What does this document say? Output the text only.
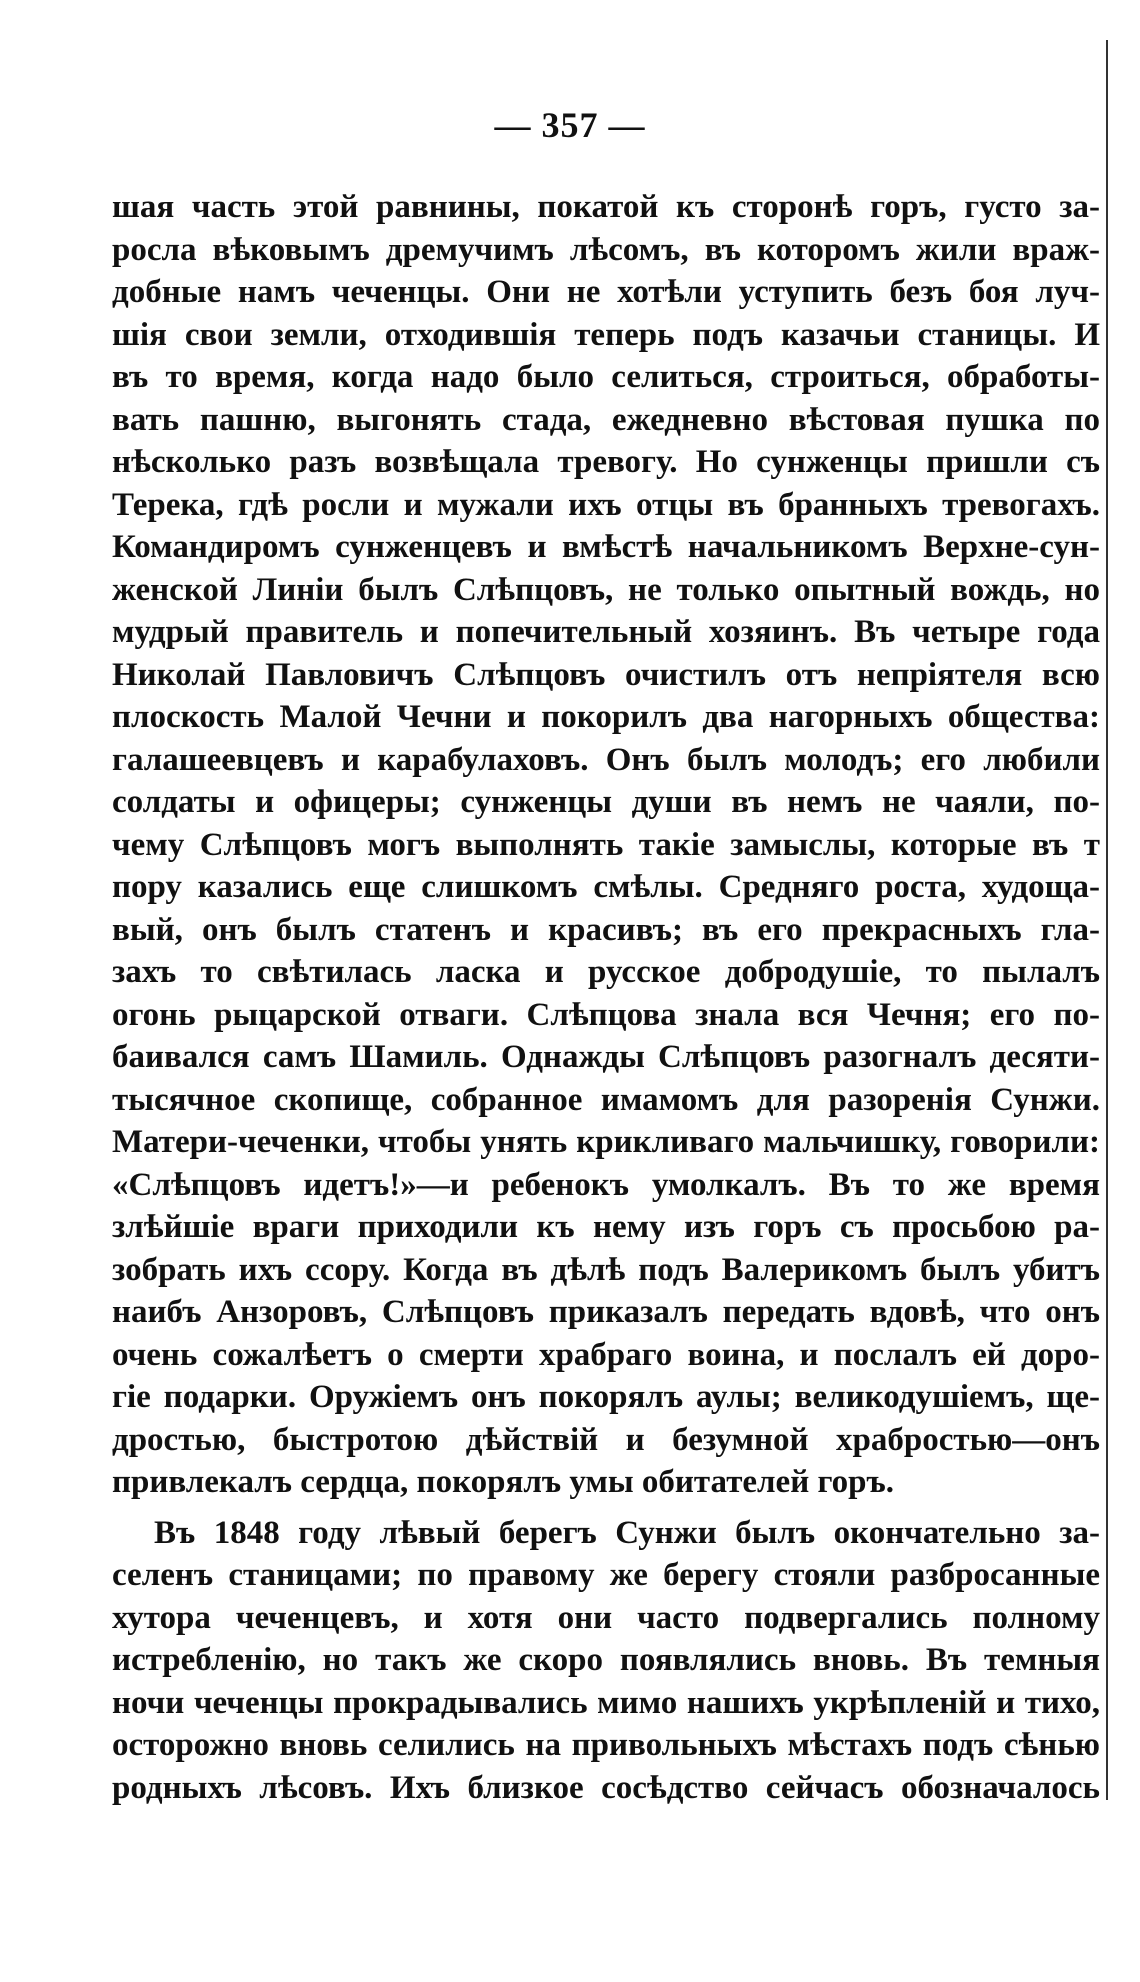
— 357 —
шая часть этой равнины, покатой къ сторонѣ горъ, густо за-
росла вѣковымъ дремучимъ лѣсомъ, въ которомъ жили враж-
добные намъ чеченцы. Они не хотѣли уступить безъ боя луч-
шія свои земли, отходившія теперь подъ казачьи станицы. И
въ то время, когда надо было селиться, строиться, обработы-
вать пашню, выгонять стада, ежедневно вѣстовая пушка по
нѣсколько разъ возвѣщала тревогу. Но сунженцы пришли съ
Терека, гдѣ росли и мужали ихъ отцы въ бранныхъ тревогахъ.
Командиромъ сунженцевъ и вмѣстѣ начальникомъ Верхне-сун-
женской Линіи былъ Слѣпцовъ, не только опытный вождь, но
мудрый правитель и попечительный хозяинъ. Въ четыре года
Николай Павловичъ Слѣпцовъ очистилъ отъ непріятеля всю
плоскость Малой Чечни и покорилъ два нагорныхъ общества:
галашеевцевъ и карабулаховъ. Онъ былъ молодъ; его любили
солдаты и офицеры; сунженцы души въ немъ не чаяли, по-
чему Слѣпцовъ могъ выполнять такіе замыслы, которые въ т
пору казались еще слишкомъ смѣлы. Средняго роста, худоща-
вый, онъ былъ статенъ и красивъ; въ его прекрасныхъ гла-
захъ то свѣтилась ласка и русское добродушіе, то пылалъ
огонь рыцарской отваги. Слѣпцова знала вся Чечня; его по-
баивался самъ Шамиль. Однажды Слѣпцовъ разогналъ десяти-
тысячное скопище, собранное имамомъ для разоренія Сунжи.
Матери-чеченки, чтобы унять крикливаго мальчишку, говорили:
«Слѣпцовъ идетъ!»—и ребенокъ умолкалъ. Въ то же время
злѣйшіе враги приходили къ нему изъ горъ съ просьбою ра-
зобрать ихъ ссору. Когда въ дѣлѣ подъ Валерикомъ былъ убитъ
наибъ Анзоровъ, Слѣпцовъ приказалъ передать вдовѣ, что онъ
очень сожалѣетъ о смерти храбраго воина, и послалъ ей доро-
гіе подарки. Оружіемъ онъ покорялъ аулы; великодушіемъ, ще-
дростью, быстротою дѣйствій и безумной храбростью—онъ
привлекалъ сердца, покорялъ умы обитателей горъ.
Въ 1848 году лѣвый берегъ Сунжи былъ окончательно за-
селенъ станицами; по правому же берегу стояли разбросанные
хутора чеченцевъ, и хотя они часто подвергались полному
истребленію, но такъ же скоро появлялись вновь. Въ темныя
ночи чеченцы прокрадывались мимо нашихъ укрѣпленій и тихо,
осторожно вновь селились на привольныхъ мѣстахъ подъ сѣнью
родныхъ лѣсовъ. Ихъ близкое сосѣдство сейчасъ обозначалось
